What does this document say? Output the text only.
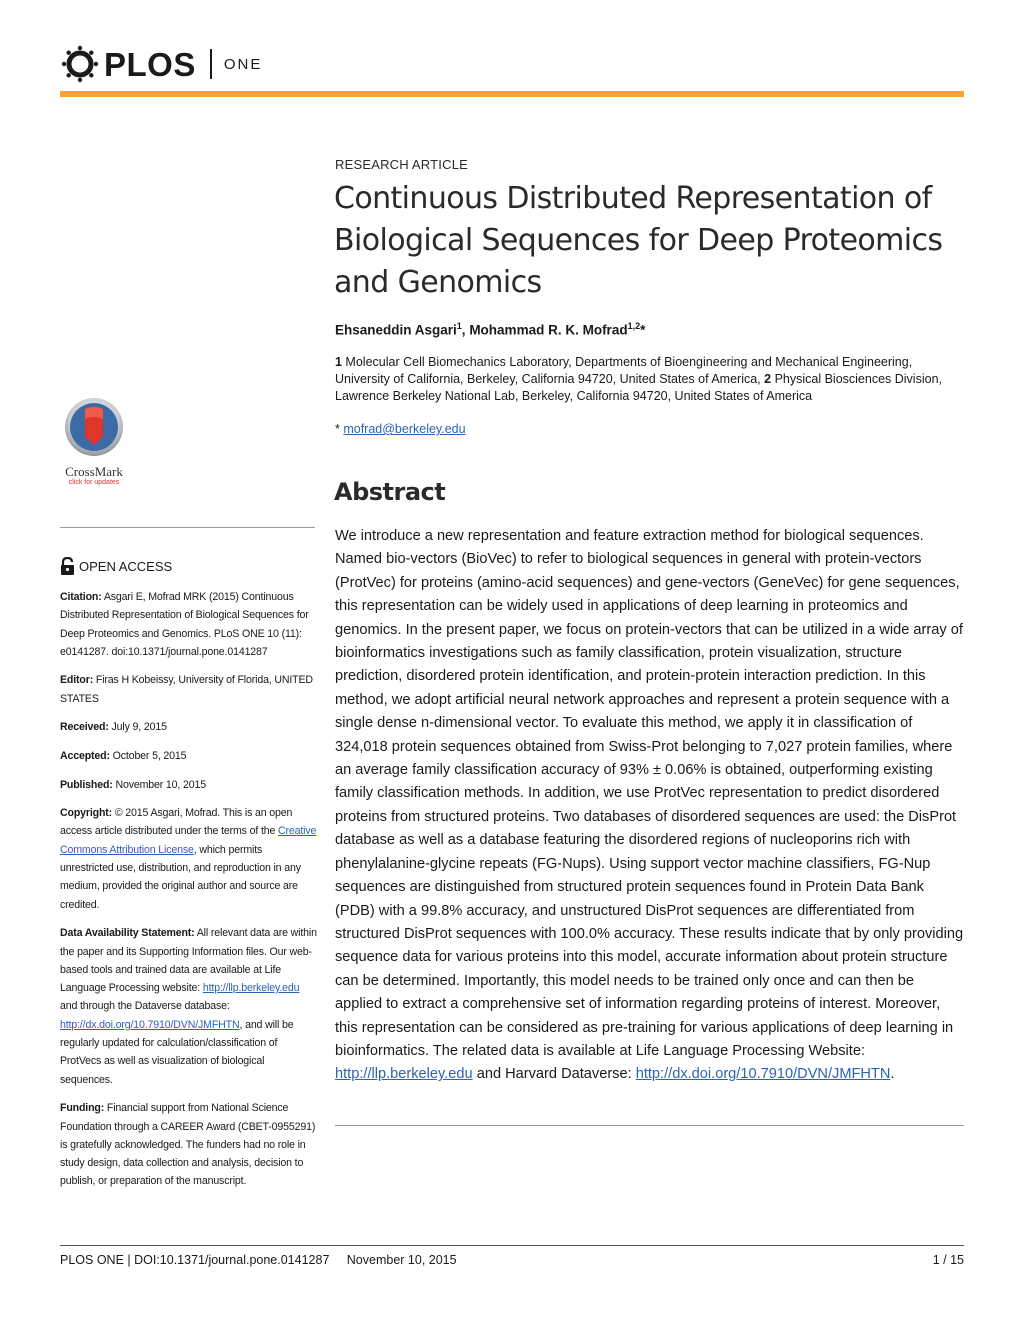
PLOS ONE
RESEARCH ARTICLE
Continuous Distributed Representation of Biological Sequences for Deep Proteomics and Genomics
Ehsaneddin Asgari$^1$, Mohammad R. K. Mofrad$^{1,2}$*
1 Molecular Cell Biomechanics Laboratory, Departments of Bioengineering and Mechanical Engineering, University of California, Berkeley, California 94720, United States of America, 2 Physical Biosciences Division, Lawrence Berkeley National Lab, Berkeley, California 94720, United States of America
* mofrad@berkeley.edu
Abstract
We introduce a new representation and feature extraction method for biological sequences. Named bio-vectors (BioVec) to refer to biological sequences in general with protein-vectors (ProtVec) for proteins (amino-acid sequences) and gene-vectors (GeneVec) for gene sequences, this representation can be widely used in applications of deep learning in proteomics and genomics. In the present paper, we focus on protein-vectors that can be utilized in a wide array of bioinformatics investigations such as family classification, protein visualization, structure prediction, disordered protein identification, and protein-protein interaction prediction. In this method, we adopt artificial neural network approaches and represent a protein sequence with a single dense n-dimensional vector. To evaluate this method, we apply it in classification of 324,018 protein sequences obtained from Swiss-Prot belonging to 7,027 protein families, where an average family classification accuracy of 93% ± 0.06% is obtained, outperforming existing family classification methods. In addition, we use ProtVec representation to predict disordered proteins from structured proteins. Two databases of disordered sequences are used: the DisProt database as well as a database featuring the disordered regions of nucleoporins rich with phenylalanine-glycine repeats (FG-Nups). Using support vector machine classifiers, FG-Nup sequences are distinguished from structured protein sequences found in Protein Data Bank (PDB) with a 99.8% accuracy, and unstructured DisProt sequences are differentiated from structured DisProt sequences with 100.0% accuracy. These results indicate that by only providing sequence data for various proteins into this model, accurate information about protein structure can be determined. Importantly, this model needs to be trained only once and can then be applied to extract a comprehensive set of information regarding proteins of interest. Moreover, this representation can be considered as pre-training for various applications of deep learning in bioinformatics. The related data is available at Life Language Processing Website: http://llp.berkeley.edu and Harvard Dataverse: http://dx.doi.org/10.7910/DVN/JMFHTN.
CrossMark
click for updates
OPEN ACCESS

Citation: Asgari E, Mofrad MRK (2015) Continuous Distributed Representation of Biological Sequences for Deep Proteomics and Genomics. PLoS ONE 10 (11): e0141287. doi:10.1371/journal.pone.0141287

Editor: Firas H Kobeissy, University of Florida, UNITED STATES

Received: July 9, 2015

Accepted: October 5, 2015

Published: November 10, 2015

Copyright: © 2015 Asgari, Mofrad. This is an open access article distributed under the terms of the Creative Commons Attribution License, which permits unrestricted use, distribution, and reproduction in any medium, provided the original author and source are credited.

Data Availability Statement: All relevant data are within the paper and its Supporting Information files. Our web-based tools and trained data are available at Life Language Processing website: http://llp.berkeley.edu and through the Dataverse database: http://dx.doi.org/10.7910/DVN/JMFHTN, and will be regularly updated for calculation/classification of ProtVecs as well as visualization of biological sequences.

Funding: Financial support from National Science Foundation through a CAREER Award (CBET-0955291) is gratefully acknowledged. The funders had no role in study design, data collection and analysis, decision to publish, or preparation of the manuscript.

PLOS ONE | DOI:10.1371/journal.pone.0141287 November 10, 2015	1 / 15
